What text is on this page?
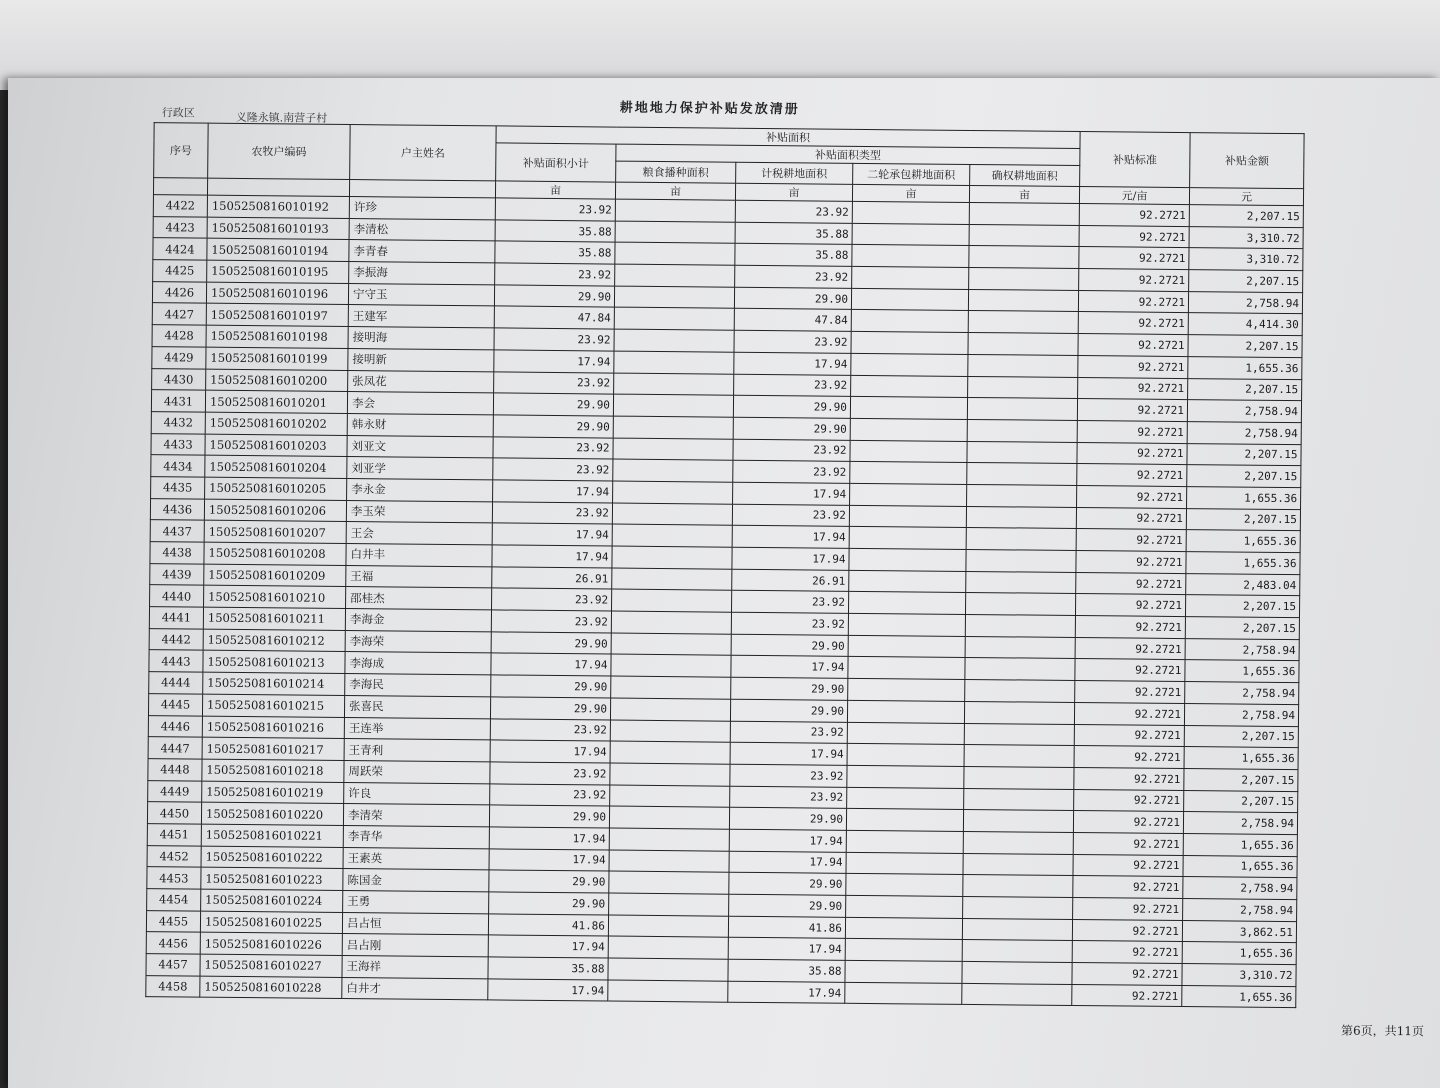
耕地地力保护补贴发放清册
行政区	义隆永镇.南营子村
序号	农牧户编码	户主姓名	补贴面积					补贴标准	补贴金额
			补贴面积小计	补贴面积类型					
				粮食播种面积	计税耕地面积	二轮承包耕地面积	确权耕地面积		
			亩	亩	亩	亩	亩	元/亩	元
4422	1505250816010192	许珍	23.92		23.92			92.2721	2,207.15
4423	1505250816010193	李清松	35.88		35.88			92.2721	3,310.72
4424	1505250816010194	李青春	35.88		35.88			92.2721	3,310.72
4425	1505250816010195	李振海	23.92		23.92			92.2721	2,207.15
4426	1505250816010196	宁守玉	29.90		29.90			92.2721	2,758.94
4427	1505250816010197	王建军	47.84		47.84			92.2721	4,414.30
4428	1505250816010198	接明海	23.92		23.92			92.2721	2,207.15
4429	1505250816010199	接明新	17.94		17.94			92.2721	1,655.36
4430	1505250816010200	张凤花	23.92		23.92			92.2721	2,207.15
4431	1505250816010201	李会	29.90		29.90			92.2721	2,758.94
4432	1505250816010202	韩永财	29.90		29.90			92.2721	2,758.94
4433	1505250816010203	刘亚文	23.92		23.92			92.2721	2,207.15
4434	1505250816010204	刘亚学	23.92		23.92			92.2721	2,207.15
4435	1505250816010205	李永金	17.94		17.94			92.2721	1,655.36
4436	1505250816010206	李玉荣	23.92		23.92			92.2721	2,207.15
4437	1505250816010207	王会	17.94		17.94			92.2721	1,655.36
4438	1505250816010208	白井丰	17.94		17.94			92.2721	1,655.36
4439	1505250816010209	王福	26.91		26.91			92.2721	2,483.04
4440	1505250816010210	邵桂杰	23.92		23.92			92.2721	2,207.15
4441	1505250816010211	李海金	23.92		23.92			92.2721	2,207.15
4442	1505250816010212	李海荣	29.90		29.90			92.2721	2,758.94
4443	1505250816010213	李海成	17.94		17.94			92.2721	1,655.36
4444	1505250816010214	李海民	29.90		29.90			92.2721	2,758.94
4445	1505250816010215	张喜民	29.90		29.90			92.2721	2,758.94
4446	1505250816010216	王连举	23.92		23.92			92.2721	2,207.15
4447	1505250816010217	王青利	17.94		17.94			92.2721	1,655.36
4448	1505250816010218	周跃荣	23.92		23.92			92.2721	2,207.15
4449	1505250816010219	许良	23.92		23.92			92.2721	2,207.15
4450	1505250816010220	李清荣	29.90		29.90			92.2721	2,758.94
4451	1505250816010221	李青华	17.94		17.94			92.2721	1,655.36
4452	1505250816010222	王素英	17.94		17.94			92.2721	1,655.36
4453	1505250816010223	陈国金	29.90		29.90			92.2721	2,758.94
4454	1505250816010224	王勇	29.90		29.90			92.2721	2,758.94
4455	1505250816010225	吕占恒	41.86		41.86			92.2721	3,862.51
4456	1505250816010226	吕占刚	17.94		17.94			92.2721	1,655.36
4457	1505250816010227	王海祥	35.88		35.88			92.2721	3,310.72
4458	1505250816010228	白井才	17.94		17.94			92.2721	1,655.36
第6页，共11页
